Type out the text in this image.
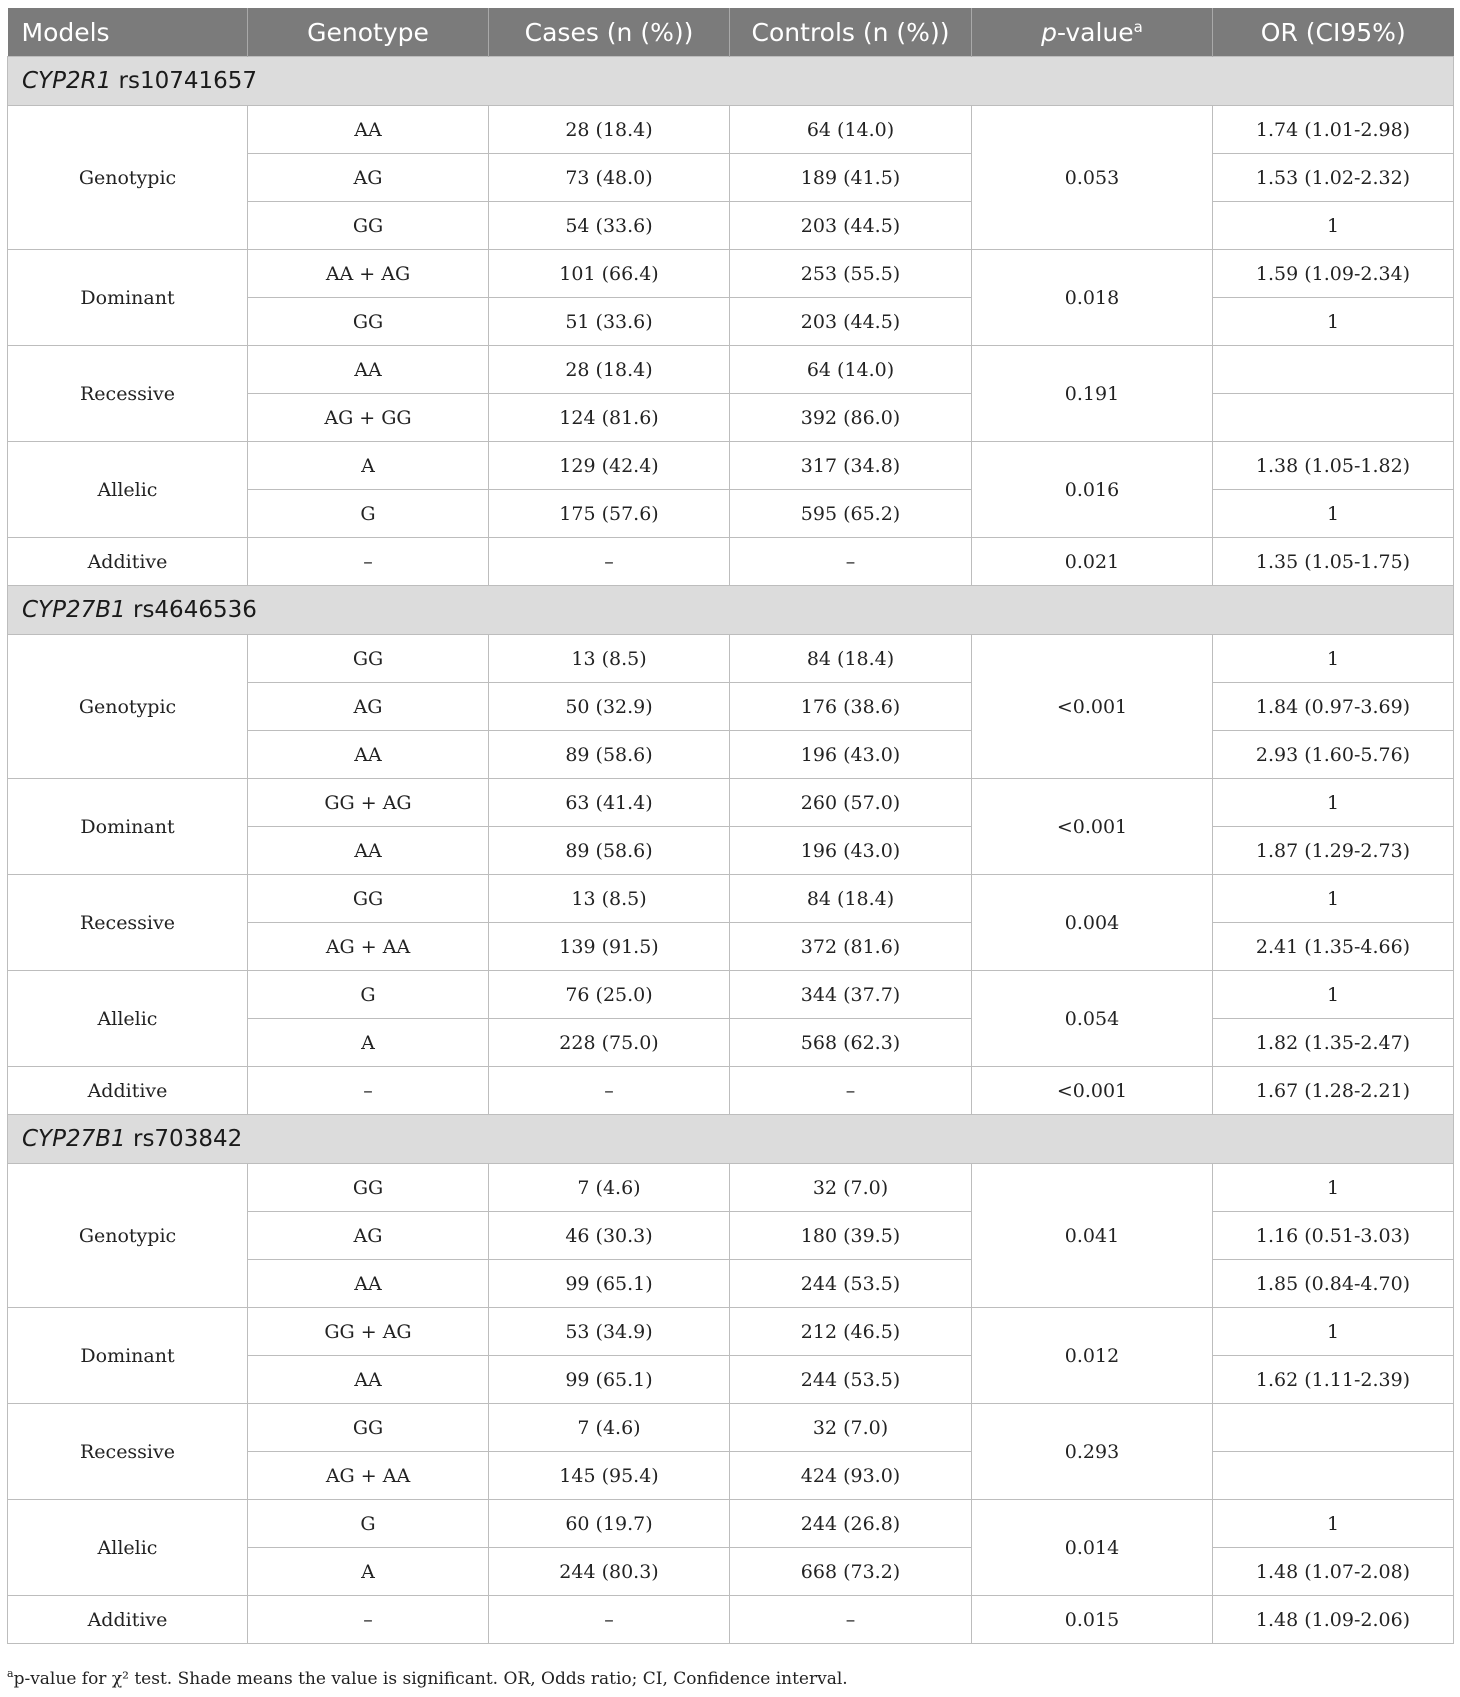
Models	Genotype	Cases (n (%))	Controls (n (%))	p-value$^a$	OR (CI95%)
CYP2R1 rs10741657					
Genotypic	AA	28 (18.4)	64 (14.0)	0.053	1.74 (1.01-2.98)
	AG	73 (48.0)	189 (41.5)		1.53 (1.02-2.32)
	GG	54 (33.6)	203 (44.5)		1
Dominant	AA + AG	101 (66.4)	253 (55.5)	0.018	1.59 (1.09-2.34)
	GG	51 (33.6)	203 (44.5)		1
Recessive	AA	28 (18.4)	64 (14.0)	0.191	
	AG + GG	124 (81.6)	392 (86.0)		
Allelic	A	129 (42.4)	317 (34.8)	0.016	1.38 (1.05-1.82)
	G	175 (57.6)	595 (65.2)		1
Additive	–	–	–	0.021	1.35 (1.05-1.75)
CYP27B1 rs4646536					
Genotypic	GG	13 (8.5)	84 (18.4)	<0.001	1
	AG	50 (32.9)	176 (38.6)		1.84 (0.97-3.69)
	AA	89 (58.6)	196 (43.0)		2.93 (1.60-5.76)
Dominant	GG + AG	63 (41.4)	260 (57.0)	<0.001	1
	AA	89 (58.6)	196 (43.0)		1.87 (1.29-2.73)
Recessive	GG	13 (8.5)	84 (18.4)	0.004	1
	AG + AA	139 (91.5)	372 (81.6)		2.41 (1.35-4.66)
Allelic	G	76 (25.0)	344 (37.7)	0.054	1
	A	228 (75.0)	568 (62.3)		1.82 (1.35-2.47)
Additive	–	–	–	<0.001	1.67 (1.28-2.21)
CYP27B1 rs703842					
Genotypic	GG	7 (4.6)	32 (7.0)	0.041	1
	AG	46 (30.3)	180 (39.5)		1.16 (0.51-3.03)
	AA	99 (65.1)	244 (53.5)		1.85 (0.84-4.70)
Dominant	GG + AG	53 (34.9)	212 (46.5)	0.012	1
	AA	99 (65.1)	244 (53.5)		1.62 (1.11-2.39)
Recessive	GG	7 (4.6)	32 (7.0)	0.293	
	AG + AA	145 (95.4)	424 (93.0)		
Allelic	G	60 (19.7)	244 (26.8)	0.014	1
	A	244 (80.3)	668 (73.2)		1.48 (1.07-2.08)
Additive	–	–	–	0.015	1.48 (1.09-2.06)
$^a$p-value for χ² test. Shade means the value is significant. OR, Odds ratio; CI, Confidence interval.
